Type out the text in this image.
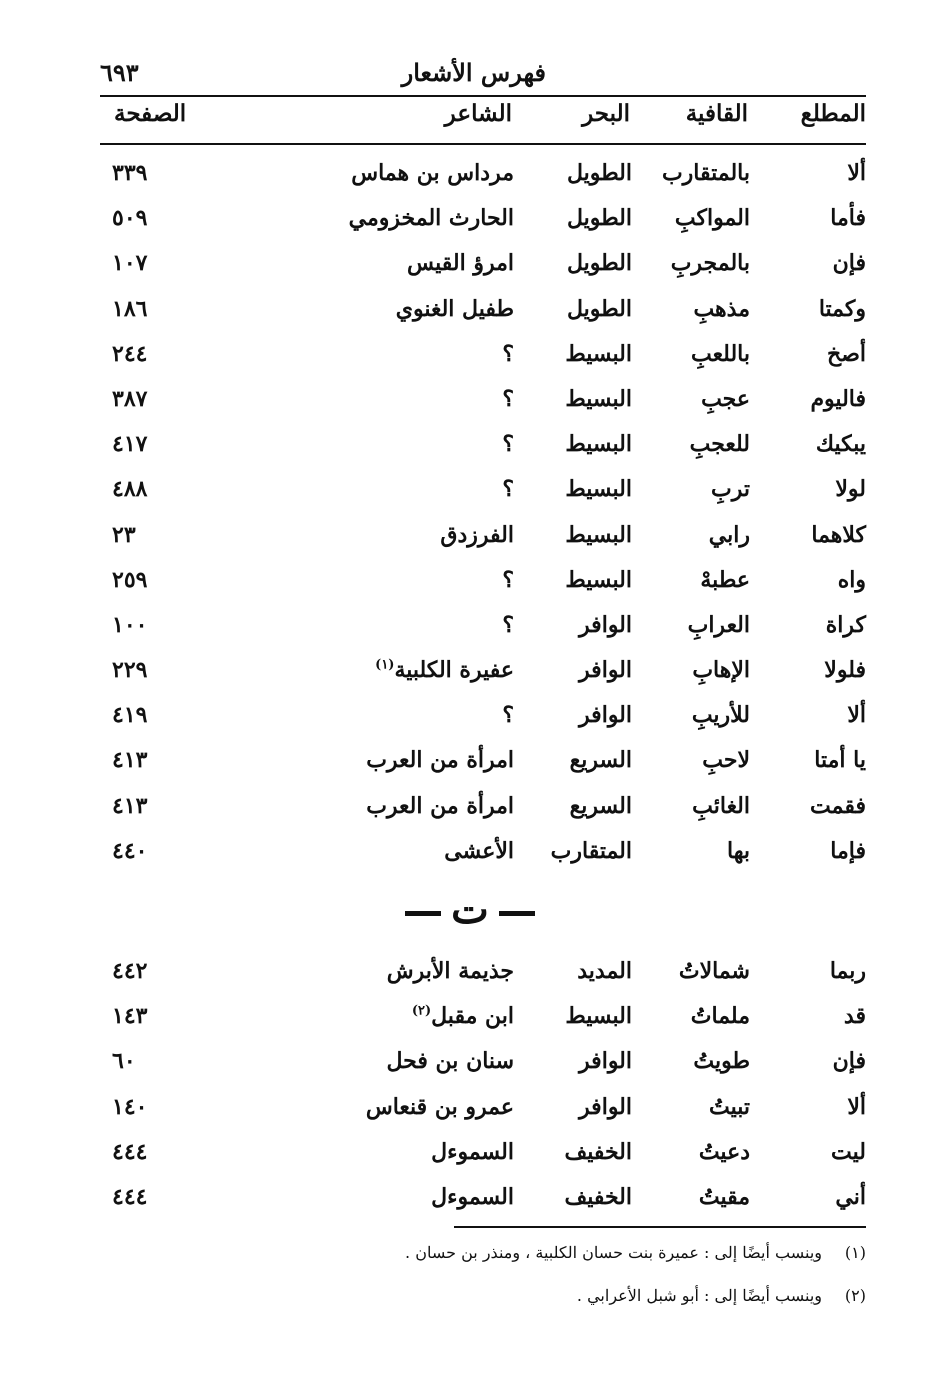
فهرس الأشعار
٦٩٣
المطلع
القافية
البحر
الشاعر
الصفحة
ألا
بالمتقارب
الطويل
مرداس بن هماس
٣٣٩
فأما
المواكبِ
الطويل
الحارث المخزومي
٥٠٩
فإن
بالمجربِ
الطويل
امرؤ القيس
١٠٧
وكمتا
مذهبِ
الطويل
طفيل الغنوي
١٨٦
أصخ
باللعبِ
البسيط
؟
٢٤٤
فاليوم
عجبِ
البسيط
؟
٣٨٧
يبكيك
للعجبِ
البسيط
؟
٤١٧
لولا
تربِ
البسيط
؟
٤٨٨
كلاهما
رابي
البسيط
الفرزدق
٢٣
واه
عطبهْ
البسيط
؟
٢٥٩
كراة
العرابِ
الوافر
؟
١٠٠
فلولا
الإهابِ
الوافر
عفيرة الكلبية$^{(١)}$
٢٢٩
ألا
للأريبِ
الوافر
؟
٤١٩
يا أمتا
لاحبِ
السريع
امرأة من العرب
٤١٣
فقمت
الغائبِ
السريع
امرأة من العرب
٤١٣
فإما
بها
المتقارب
الأعشى
٤٤٠
ت
ربما
شمالاتُ
المديد
جذيمة الأبرش
٤٤٢
قد
ملماتُ
البسيط
ابن مقبل$^{(٢)}$
١٤٣
فإن
طويتُ
الوافر
سنان بن فحل
٦٠
ألا
تبيتُ
الوافر
عمرو بن قنعاس
١٤٠
ليت
دعيتُ
الخفيف
السموءل
٤٤٤
أني
مقيتُ
الخفيف
السموءل
٤٤٤
(١)وينسب أيضًا إلى : عميرة بنت حسان الكلبية ، ومنذر بن حسان .
(٢)وينسب أيضًا إلى : أبو شبل الأعرابي .
